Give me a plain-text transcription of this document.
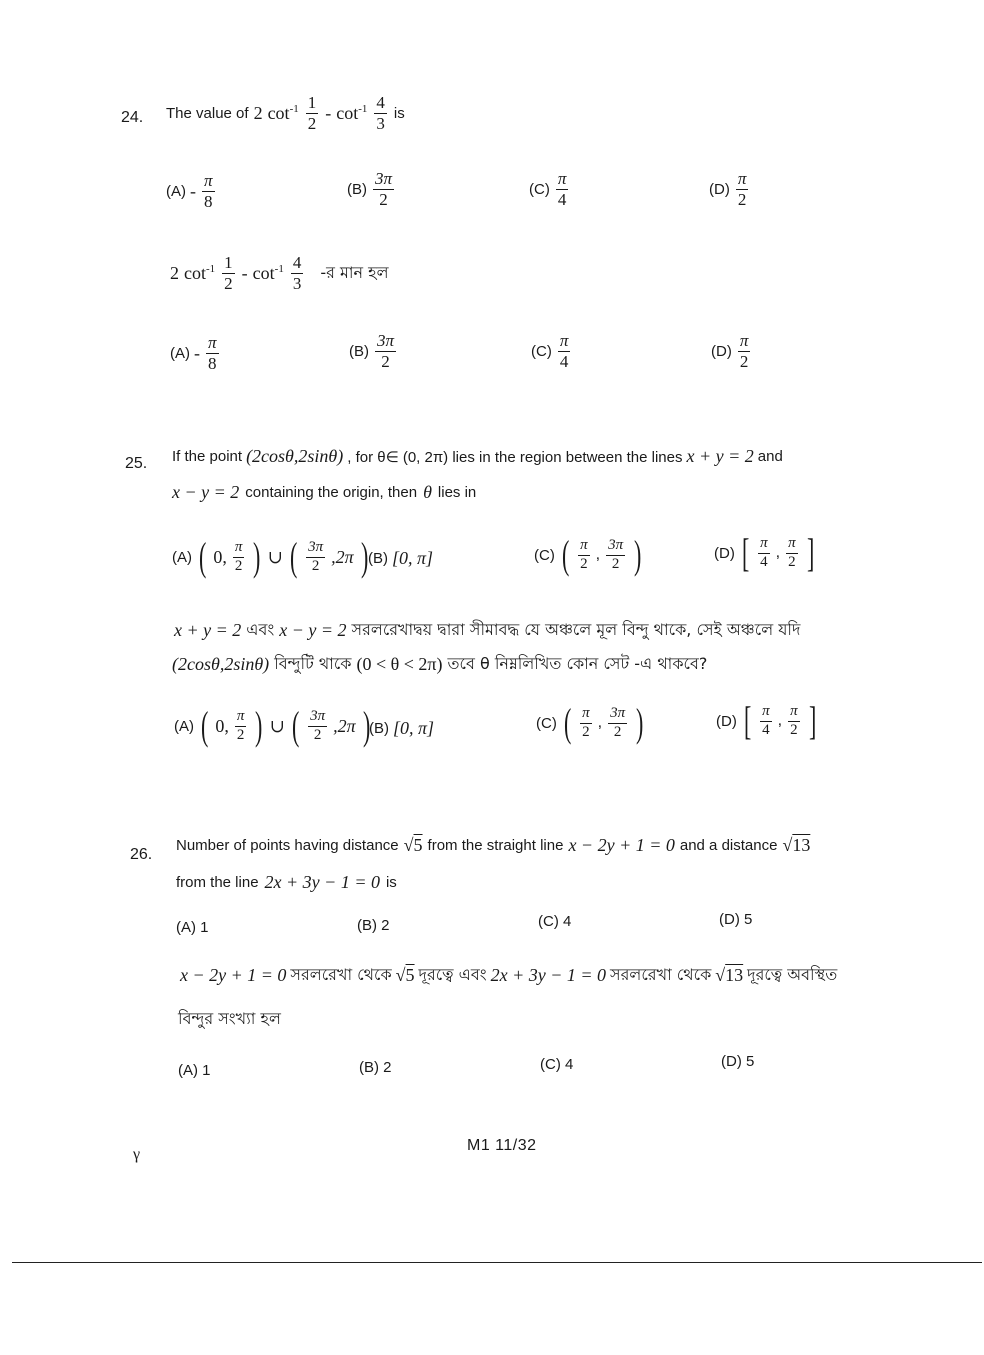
24. The value of 2 $\cot^{-1} \frac{1}{2} - \cot^{-1} \frac{4}{3}$ is
$(A) - \frac{\pi}{8}$	$(B) \frac{3\pi}{2}$	$(C) \frac{\pi}{4}$	$(D) \frac{\pi}{2}$
2 $\cot^{-1} \frac{1}{2} - \cot^{-1} \frac{4}{3}$ -র মান হল
$(A) - \frac{\pi}{8}$	$(B) \frac{3\pi}{2}$	$(C) \frac{\pi}{4}$	$(D) \frac{\pi}{2}$
25. If the point (2cosθ,2sinθ) , for θ∈ (0, 2π) lies in the region between the lines x + y = 2 and
x − y = 2 containing the origin, then θ lies in
(A) ( 0, $\frac{\pi}{2}$ ) ∪ ( $\frac{3\pi}{2} ,2\pi$ ) (B) [0, π]	(C) ( $\frac{\pi}{2}$ , $\frac{3\pi}{2}$ )	(D) [ $\frac{\pi}{4}$ , $\frac{\pi}{2}$ ]
x + y = 2 এবং x − y = 2 সরলরেখাদ্বয় দ্বারা সীমাবদ্ধ যে অঞ্চলে মূল বিন্দু থাকে, সেই অঞ্চলে যদি
(2cosθ,2sinθ) বিন্দুটি থাকে (0 < θ < 2π) তবে θ নিম্নলিখিত কোন সেট -এ থাকবে?
(A) ( 0, $\frac{\pi}{2}$ ) ∪ ( $\frac{3\pi}{2} ,2\pi$ ) (B) [0, π]	(C) ( $\frac{\pi}{2}$ , $\frac{3\pi}{2}$ )	(D) [ $\frac{\pi}{4}$ , $\frac{\pi}{2}$ ]
26.
Number of points having distance √5 from the straight line x − 2y + 1 = 0 and a distance √13
from the line 2x + 3y − 1 = 0 is
(A) 1	(B) 2	(C) 4	(D) 5
x − 2y + 1 = 0 সরলরেখা থেকে √5 দূরত্বে এবং 2x + 3y − 1 = 0 সরলরেখা থেকে √13 দূরত্বে অবস্থিত
বিন্দুর সংখ্যা হল
(A) 1	(B) 2	(C) 4	(D) 5
γ
M1 11/32
